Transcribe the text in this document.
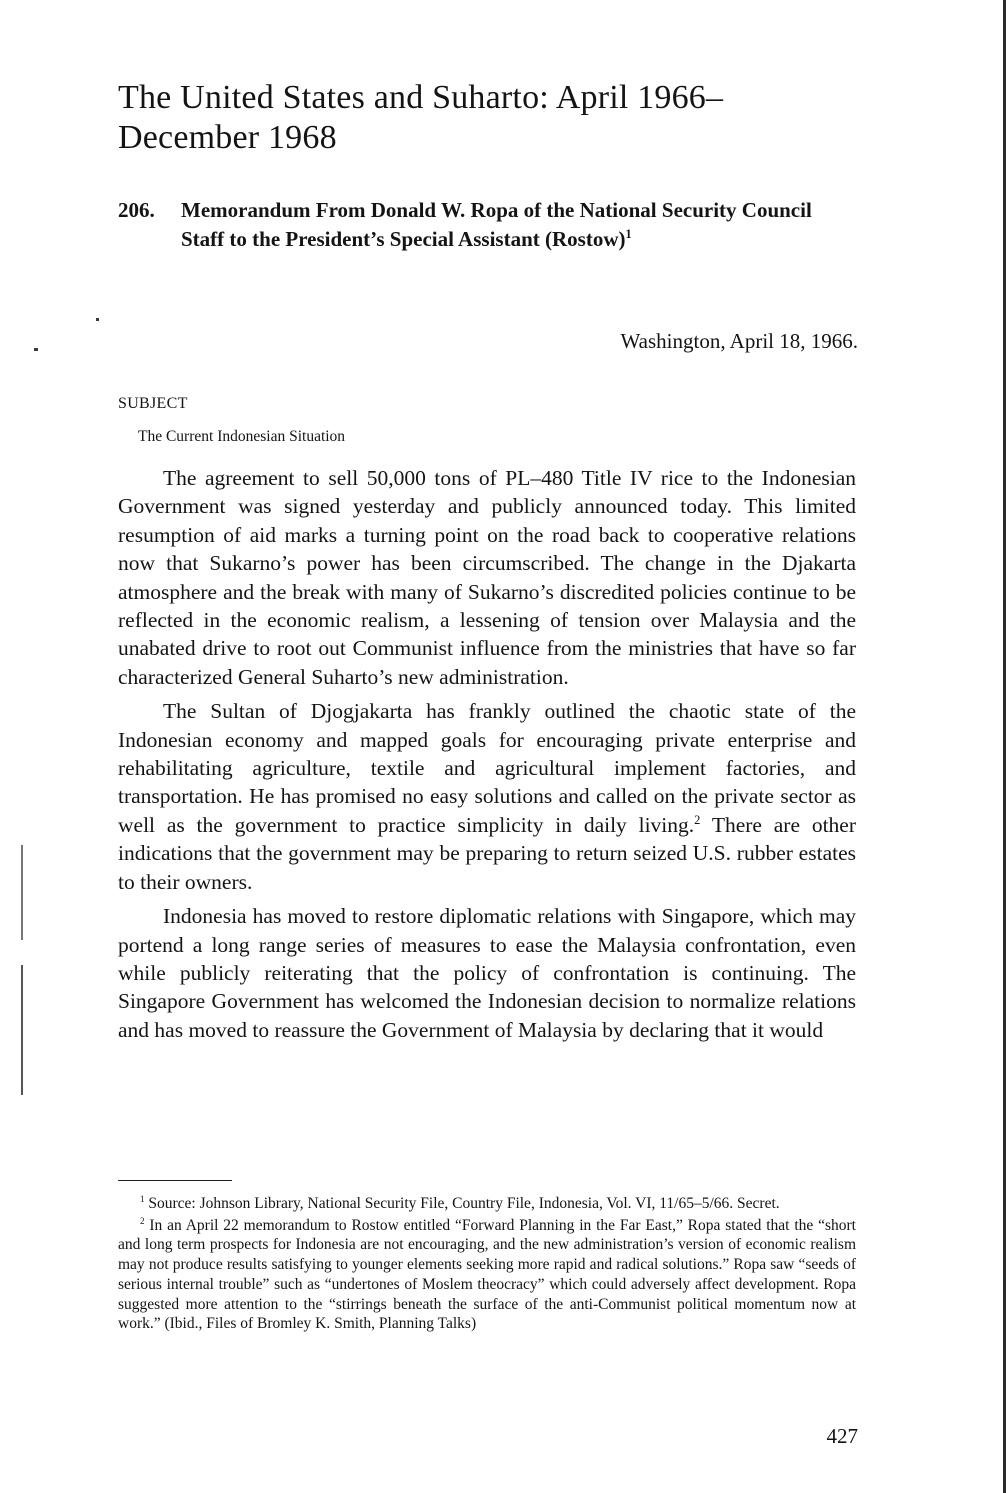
The United States and Suharto: April 1966–December 1968
206. Memorandum From Donald W. Ropa of the National Security Council Staff to the President’s Special Assistant (Rostow)$^1$
Washington, April 18, 1966.
SUBJECT
The Current Indonesian Situation

The agreement to sell 50,000 tons of PL–480 Title IV rice to the Indonesian Government was signed yesterday and publicly announced today. This limited resumption of aid marks a turning point on the road back to cooperative relations now that Sukarno’s power has been circumscribed. The change in the Djakarta atmosphere and the break with many of Sukarno’s discredited policies continue to be reflected in the economic realism, a lessening of tension over Malaysia and the unabated drive to root out Communist influence from the ministries that have so far characterized General Suharto’s new administration.

The Sultan of Djogjakarta has frankly outlined the chaotic state of the Indonesian economy and mapped goals for encouraging private enterprise and rehabilitating agriculture, textile and agricultural implement factories, and transportation. He has promised no easy solutions and called on the private sector as well as the government to practice simplicity in daily living.$^2$ There are other indications that the government may be preparing to return seized U.S. rubber estates to their owners.

Indonesia has moved to restore diplomatic relations with Singapore, which may portend a long range series of measures to ease the Malaysia confrontation, even while publicly reiterating that the policy of confrontation is continuing. The Singapore Government has welcomed the Indonesian decision to normalize relations and has moved to reassure the Government of Malaysia by declaring that it would

$^1$ Source: Johnson Library, National Security File, Country File, Indonesia, Vol. VI, 11/65–5/66. Secret.

$^2$ In an April 22 memorandum to Rostow entitled “Forward Planning in the Far East,” Ropa stated that the “short and long term prospects for Indonesia are not encouraging, and the new administration’s version of economic realism may not produce results satisfying to younger elements seeking more rapid and radical solutions.” Ropa saw “seeds of serious internal trouble” such as “undertones of Moslem theocracy” which could adversely affect development. Ropa suggested more attention to the “stirrings beneath the surface of the anti-Communist political momentum now at work.” (Ibid., Files of Bromley K. Smith, Planning Talks)

427
